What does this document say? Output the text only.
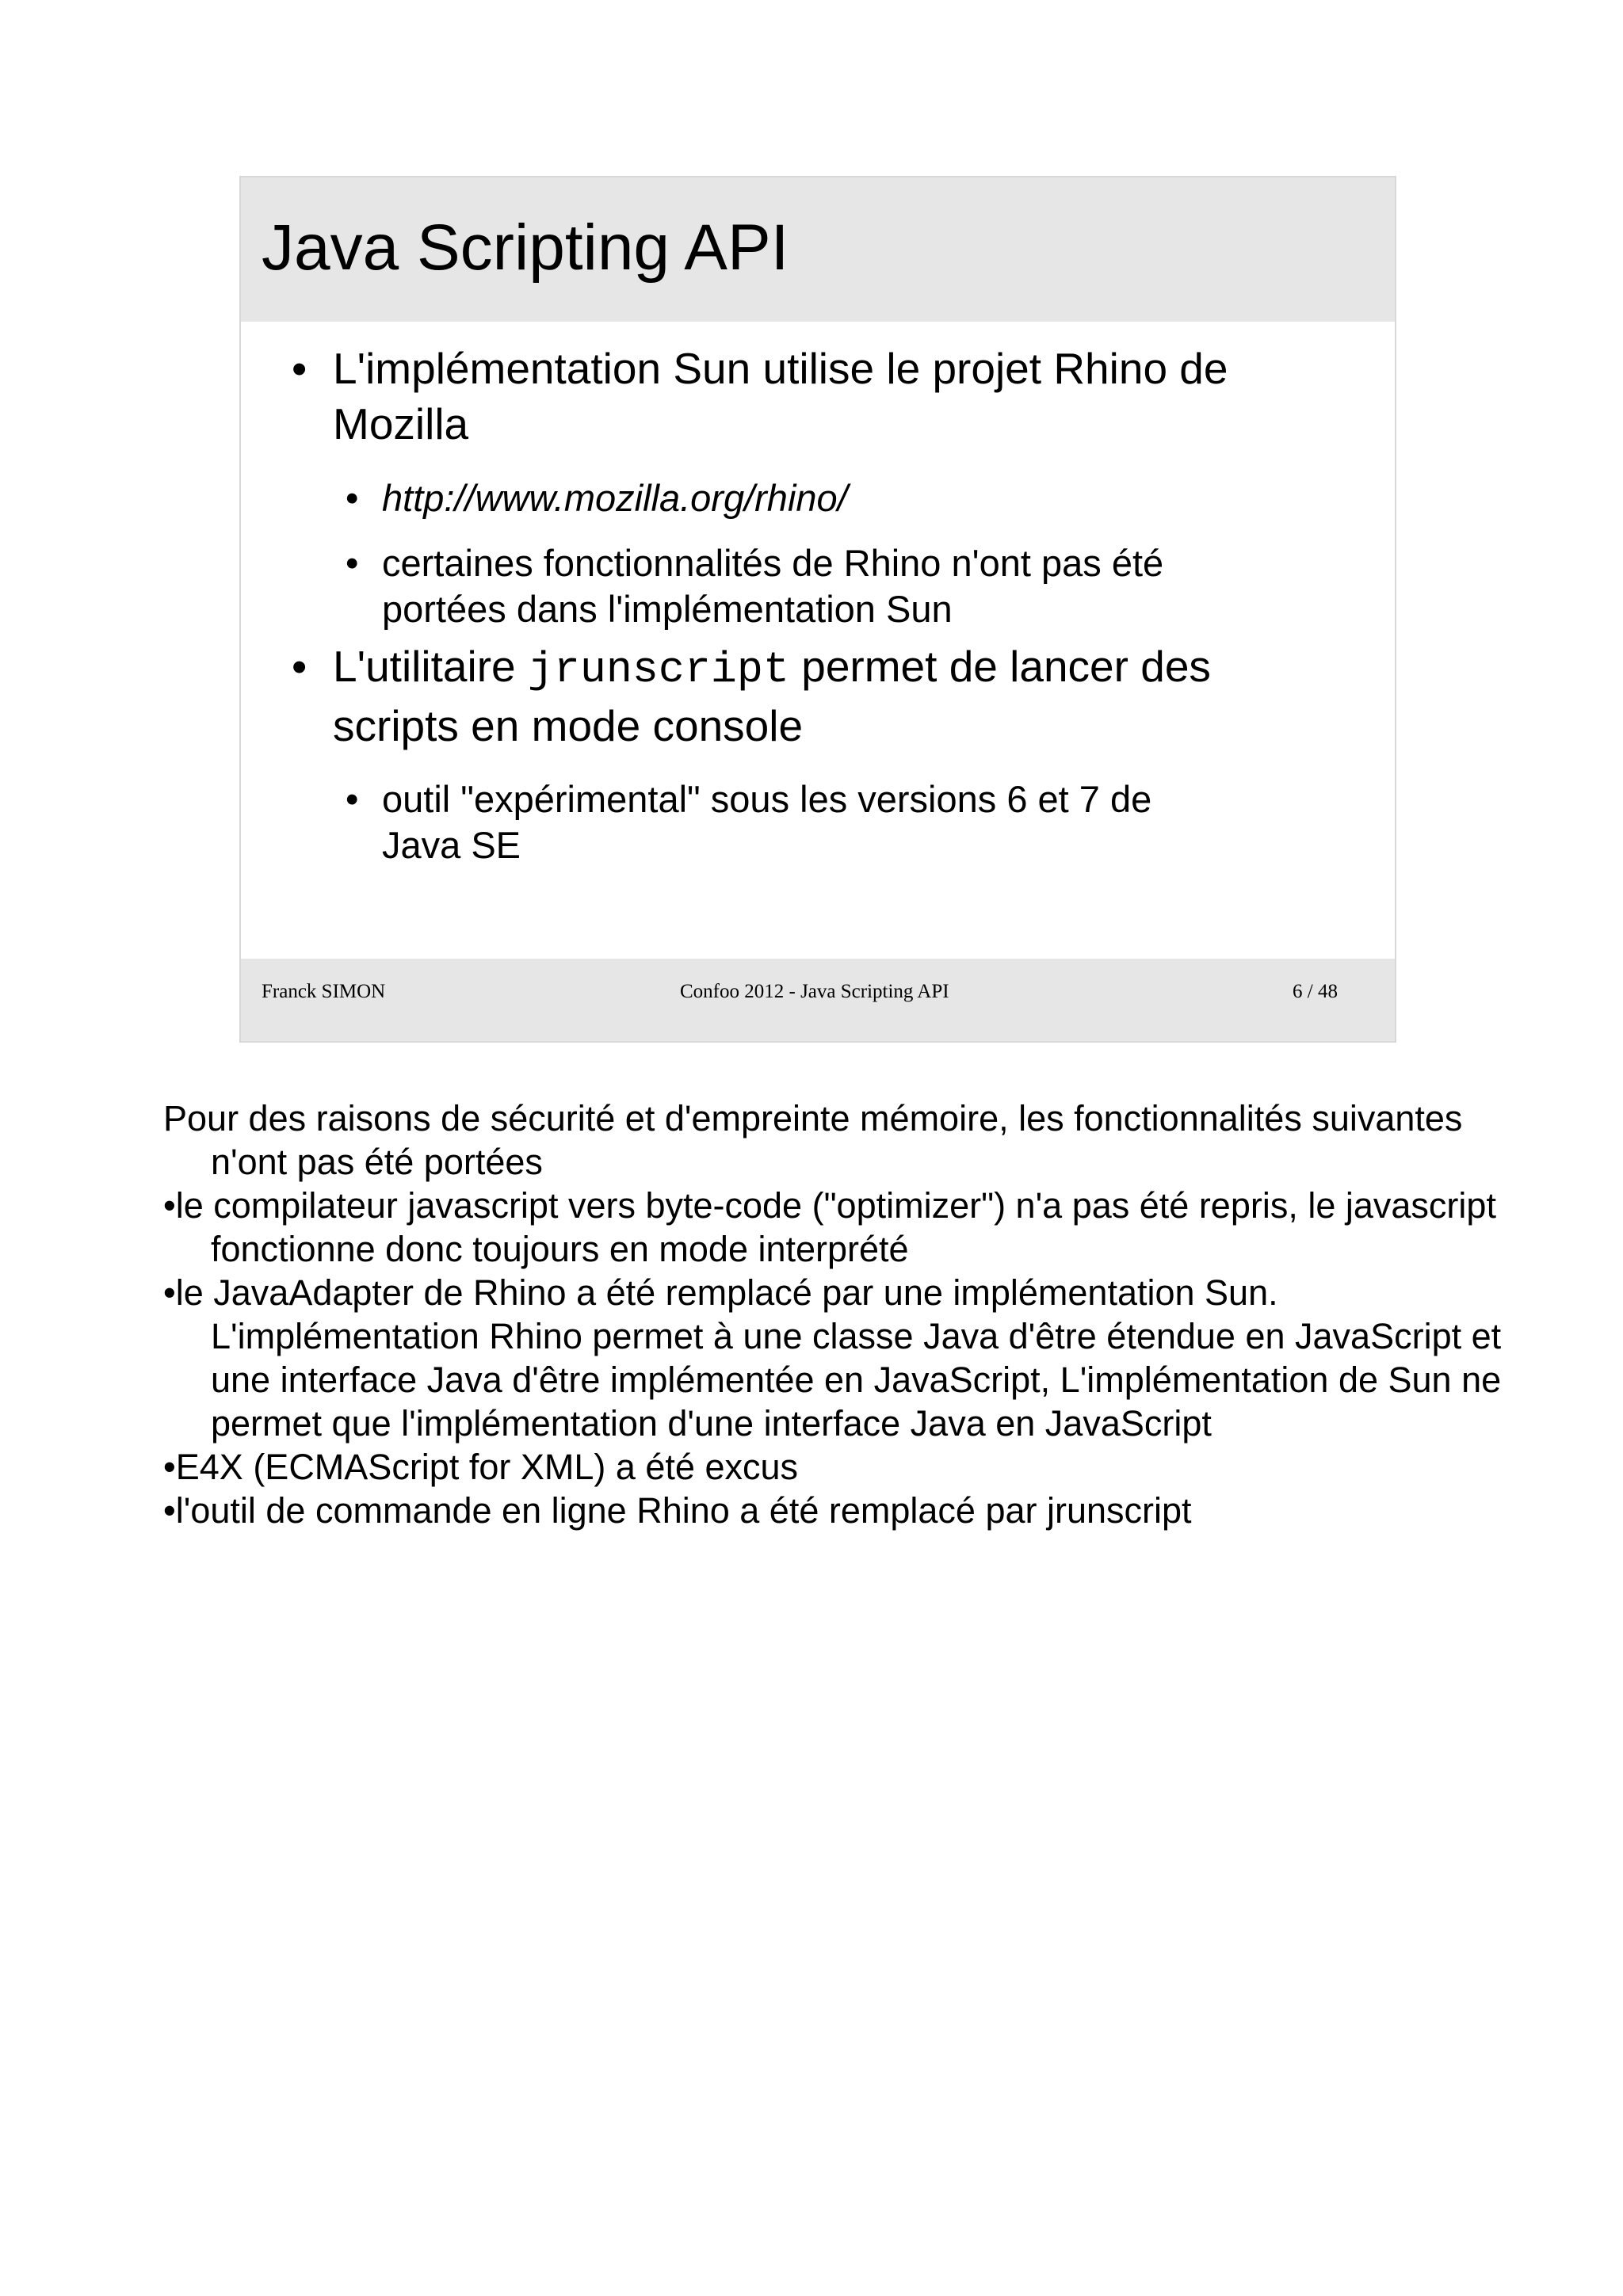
Java Scripting API
• L'implémentation Sun utilise le projet Rhino de
Mozilla
• http://www.mozilla.org/rhino/
• certaines fonctionnalités de Rhino n'ont pas été
portées dans l'implémentation Sun
• L'utilitaire jrunscript permet de lancer des
scripts en mode console
• outil "expérimental" sous les versions 6 et 7 de
Java SE
Franck SIMON	Confoo 2012 - Java Scripting API	6 / 48

Pour des raisons de sécurité et d'empreinte mémoire, les fonctionnalités suivantes n'ont pas été portées

•le compilateur javascript vers byte-code ("optimizer") n'a pas été repris, le javascript fonctionne donc toujours en mode interprété

•le JavaAdapter de Rhino a été remplacé par une implémentation Sun. L'implémentation Rhino permet à une classe Java d'être étendue en JavaScript et une interface Java d'être implémentée en JavaScript, L'implémentation de Sun ne permet que l'implémentation d'une interface Java en JavaScript

•E4X (ECMAScript for XML) a été excus

•l'outil de commande en ligne Rhino a été remplacé par jrunscript
